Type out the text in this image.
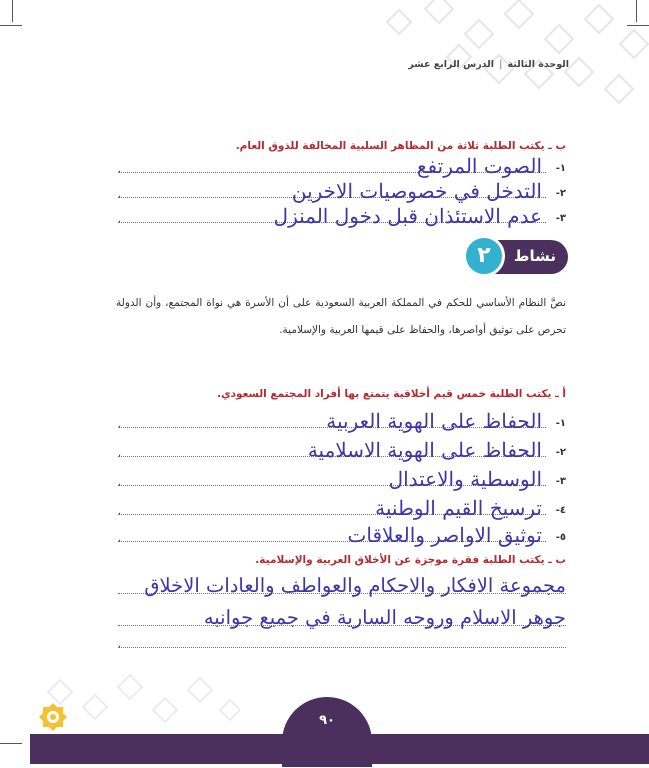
الوحدة الثالثة|الدرس الرابع عشر
ب ـ يكتب الطلبة ثلاثة من المظاهر السلبية المخالفة للذوق العام.
١-
.	الصوت المرتفع
٢-
.	التدخل في خصوصيات الاخرين
٣-
.	عدم الاستئذان قبل دخول المنزل
نشاط
٢
نصَّ النظام الأساسي للحكم في المملكة العربية السعودية على أن الأسرة هي نواة المجتمع، وأن الدولة تحرص على توثيق أواصرها، والحفاظ على قيمها العربية والإسلامية.
أ ـ يكتب الطلبة خمس قيم أخلاقية يتمتع بها أفراد المجتمع السعودي.
١-
.	الحفاظ على الهوية العربية
٢-
.	الحفاظ على الهوية الاسلامية
٣-
.	الوسطية والاعتدال
٤-
.	ترسيخ القيم الوطنية
٥-
.	توثيق الاواصر والعلاقات
ب ـ يكتب الطلبة فقرة موجزة عن الأخلاق العربية والإسلامية.
مجموعة الافكار والاحكام والعواطف والعادات الاخلاق
جوهر الاسلام وروحه السارية في جميع جوانبه
.
٩٠
